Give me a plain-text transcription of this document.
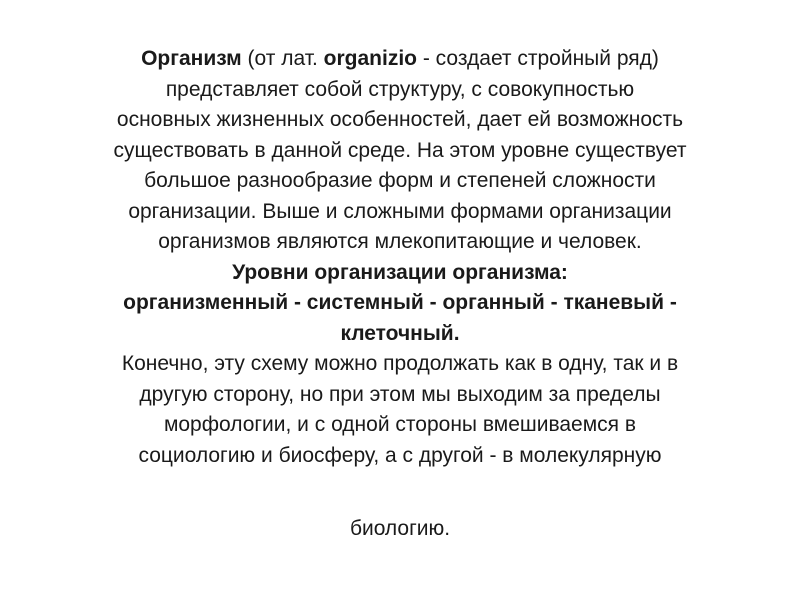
Организм (от лат. organizio - создает стройный ряд)
представляет собой структуру, с совокупностью
основных жизненных особенностей, дает ей возможность
существовать в данной среде. На этом уровне существует
большое разнообразие форм и степеней сложности
организации. Выше и сложными формами организации
организмов являются млекопитающие и человек.
Уровни организации организма:
организменный - системный - органный - тканевый -
клеточный.
Конечно, эту схему можно продолжать как в одну, так и в
другую сторону, но при этом мы выходим за пределы
морфологии, и с одной стороны вмешиваемся в
социологию и биосферу, а с другой - в молекулярную
биологию.
